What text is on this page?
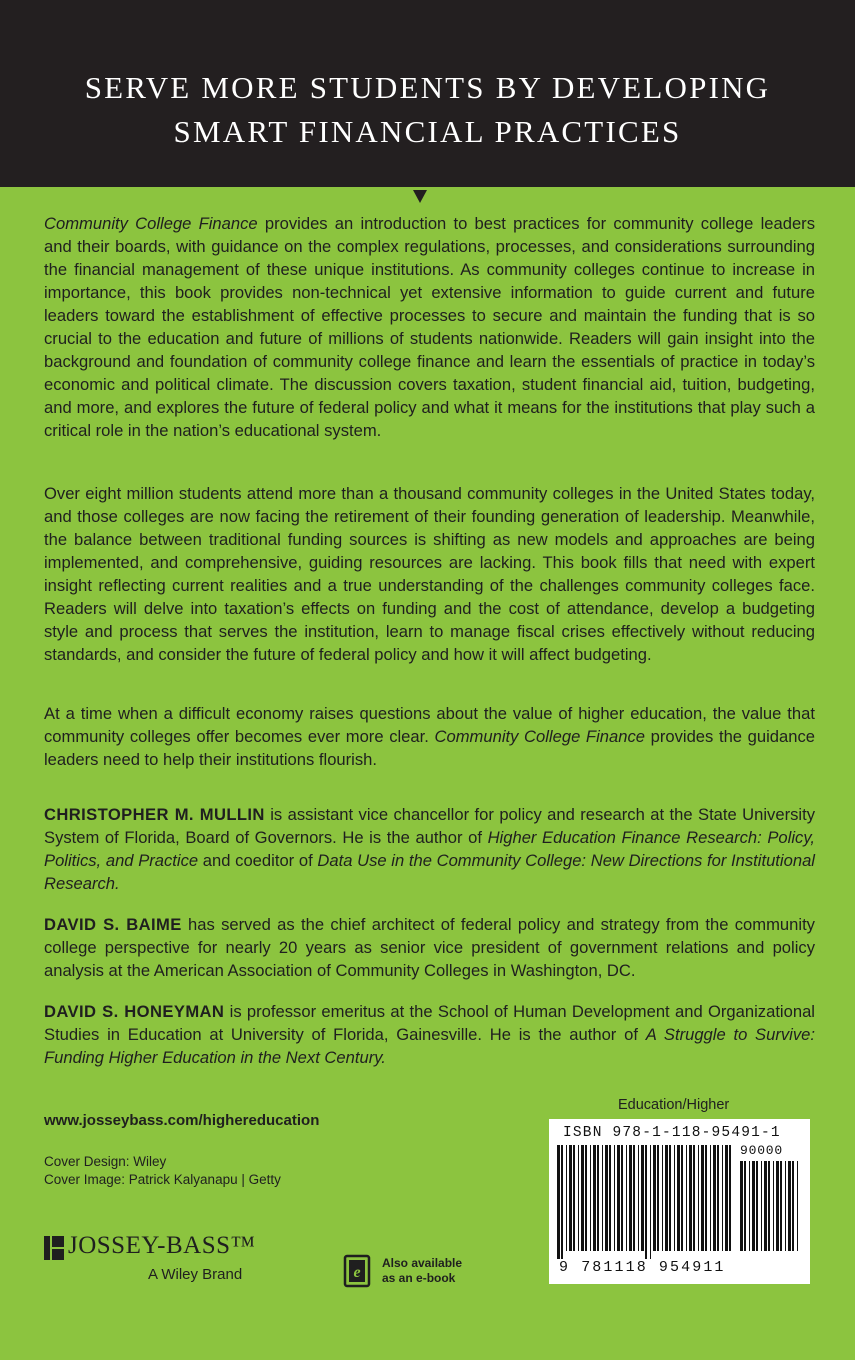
SERVE MORE STUDENTS BY DEVELOPING
SMART FINANCIAL PRACTICES

Community College Finance provides an introduction to best practices for community college leaders and their boards, with guidance on the complex regulations, processes, and considerations surrounding the financial management of these unique institutions. As community colleges continue to increase in importance, this book provides non-technical yet extensive information to guide current and future leaders toward the establishment of effective processes to secure and maintain the funding that is so crucial to the education and future of millions of students nationwide. Readers will gain insight into the background and foundation of community college finance and learn the essentials of practice in today’s economic and political climate. The discussion covers taxation, student financial aid, tuition, budgeting, and more, and explores the future of federal policy and what it means for the institutions that play such a critical role in the nation’s educational system.

Over eight million students attend more than a thousand community colleges in the United States today, and those colleges are now facing the retirement of their founding generation of leadership. Meanwhile, the balance between traditional funding sources is shifting as new models and approaches are being implemented, and comprehensive, guiding resources are lacking. This book fills that need with expert insight reflecting current realities and a true understanding of the challenges community colleges face. Readers will delve into taxation’s effects on funding and the cost of attendance, develop a budgeting style and process that serves the institution, learn to manage fiscal crises effectively without reducing standards, and consider the future of federal policy and how it will affect budgeting.

At a time when a difficult economy raises questions about the value of higher education, the value that community colleges offer becomes ever more clear. Community College Finance provides the guidance leaders need to help their institutions flourish.

CHRISTOPHER M. MULLIN is assistant vice chancellor for policy and research at the State University System of Florida, Board of Governors. He is the author of Higher Education Finance Research: Policy, Politics, and Practice and coeditor of Data Use in the Community College: New Directions for Institutional Research.

DAVID S. BAIME has served as the chief architect of federal policy and strategy from the community college perspective for nearly 20 years as senior vice president of government relations and policy analysis at the American Association of Community Colleges in Washington, DC.

DAVID S. HONEYMAN is professor emeritus at the School of Human Development and Organizational Studies in Education at University of Florida, Gainesville. He is the author of A Struggle to Survive: Funding Higher Education in the Next Century.

www.josseybass.com/highereducation
Cover Design: Wiley
Cover Image: Patrick Kalyanapu | Getty
JOSSEY-BASS™
A Wiley Brand	e
Also available
as an e-book
Education/Higher
ISBN 978-1-118-95491-1
90000
9 781118 954911
